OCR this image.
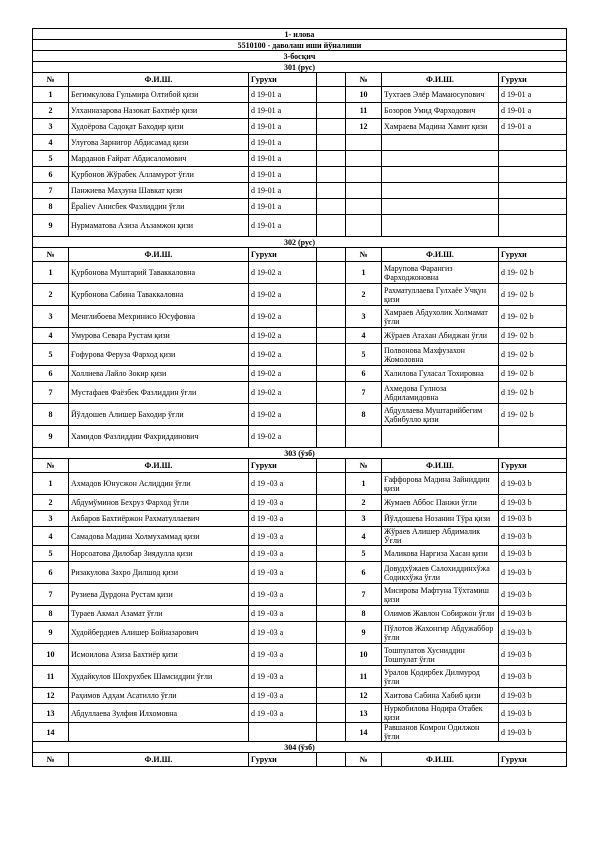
1- илова						
5510100 - даволаш иши йўналиши						
3-босқич						
301 (рус)						
№	Ф.И.Ш.	Гурухи		№	Ф.И.Ш.	Гурухи
1	Бегимкулова Гульмира Олтибой қизи	d 19-01 a		10	Тухтаев Элёр Мамаюсупович	d 19-01 a
2	Улханназарова Назокат Бахтиёр қизи	d 19-01 a		11	Бозоров Умид Фарходович	d 19-01 a
3	Худоёрова Садоқат Баходир қизи	d 19-01 a		12	Хамраева Мадина Хамит қизи	d 19-01 a
4	Улуғова Зарнигор Абдисамад қизи	d 19-01 a				
5	Марданов Ғайрат Абдисаломович	d 19-01 a				
6	Қурбонов Жўрабек Алламурот ўғли	d 19-01 a				
7	Панжиева Маҳзуна Шавкат қизи	d 19-01 a				
8	Ёраliev Анисбек Фазлиддин ўғли	d 19-01 a				
9	Нурмаматова Азиза Аъзамжон қизи	d 19-01 a				
302 (рус)						
№	Ф.И.Ш.	Гурухи		№	Ф.И.Ш.	Гурухи
1	Қурбонова Муштарий Таваккаловна	d 19-02 a		1	Марупова Фарангиз Фарходжоновна	d 19- 02 b
2	Қурбонова Сабина Таваккаловна	d 19-02 a		2	Рахматуллаева Гулхаёе Учқун қизи	d 19- 02 b
3	Менглибоева Мехринисо Юсуфовна	d 19-02 a		3	Хамраев Абдухолик Холмамат ўғли	d 19- 02 b
4	Умурова Севара Рустам қизи	d 19-02 a		4	Жўраев Атахан Абиджан ўғли	d 19- 02 b
5	Ғофурова Феруза Фарход қизи	d 19-02 a		5	Полвонова Махфузахон Жомоловна	d 19- 02 b
6	Холлиева Лайло Зокир қизи	d 19-02 a		6	Халилова Гуласал Тохировна	d 19- 02 b
7	Мустафаев Фаёзбек Фазлиддин ўғли	d 19-02 a		7	Ахмедова Гулноза Абдиламидовна	d 19- 02 b
8	Йўлдошев Алишер Баходир ўғли	d 19-02 a		8	Абдуллаева Муштарийбегим Ҳабибулло қизи	d 19- 02 b
9	Хамидов Фазлиддин Фахриддинович	d 19-02 a				
303 (ўзб)						
№	Ф.И.Ш.	Гурухи		№	Ф.И.Ш.	Гурухи
1	Ахмадов Юнусжон Аслиддин ўғли	d 19 -03 a		1	Ғаффорова Мадина Зайниддин қизи	d 19-03 b
2	Абдумўминов Бехруз Фарход ўғли	d 19 -03 a		2	Жумаев Аббос Панжи ўғли	d 19-03 b
3	Акбаров Бахтиёржон Рахматуллаевич	d 19 -03 a		3	Йўлдошева Нозанин Тўра қизи	d 19-03 b
4	Самадова Мадина Холмухаммад қизи	d 19 -03 a		4	Жўраев Алишер Абдималик Ўғли	d 19-03 b
5	Норсоатова Дилобар Зиядулла қизи	d 19 -03 a		5	Маликова Наргиза Хасан қизи	d 19-03 b
6	Ризакулова Захро Дилшод қизи	d 19 -03 a		6	Довудхўжаев Салохиддинхўжа Содикхўжа ўғли	d 19-03 b
7	Рузиева Дурдона Рустам қизи	d 19 -03 a		7	Мисирова Мафтуна Тўхтамиш қизи	d 19-03 b
8	Тураев Акмал Азамат ўғли	d 19 -03 a		8	Олимов Жавлон Собиржон ўғли	d 19-03 b
9	Худойбердиев Алишер Бойназарович	d 19 -03 a		9	Пўлотов Жахонгир Абдужаббор ўғли	d 19-03 b
10	Исмоилова Азиза Бахтиёр қизи	d 19 -03 a		10	Тошпулатов Хусниддин Тошпулат ўғли	d 19-03 b
11	Худайкулов Шохрухбек Шамсиддин ўғли	d 19 -03 a		11	Уралов Қодирбек Дилмурод ўғли	d 19-03 b
12	Раҳимов Адҳам Асатилло ўғли	d 19 -03 a		12	Хаитова Сабина Хабиб қизи	d 19-03 b
13	Абдуллаева Зулфия Илхомовна	d 19 -03 a		13	Нуркобилова Нодира Отабек қизи	d 19-03 b
14				14	Равшанов Комрон Одилжон ўғли	d 19-03 b
304 (ўзб)						
№	Ф.И.Ш.	Гурухи		№	Ф.И.Ш.	Гурухи
